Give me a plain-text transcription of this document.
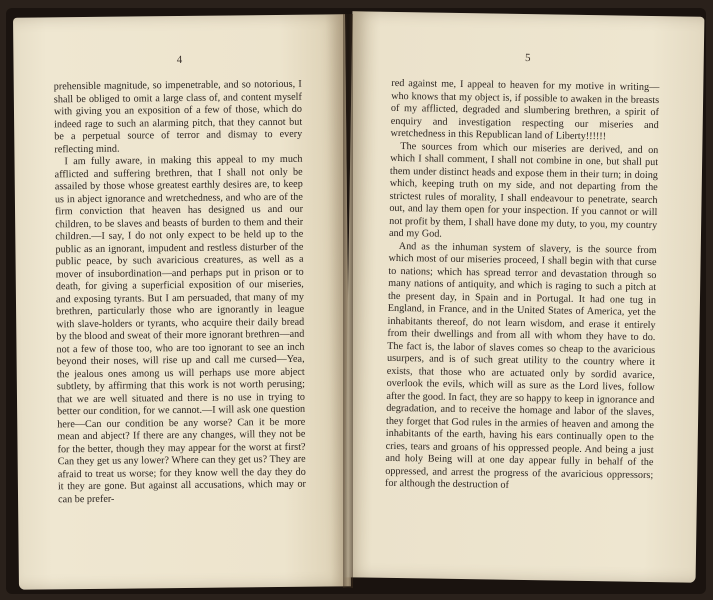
4

prehensible magnitude, so impenetrable, and so notorious, I shall be obliged to omit a large class of, and content myself with giving you an exposition of a few of those, which do indeed rage to such an alarming pitch, that they cannot but be a perpetual source of terror and dismay to every reflecting mind.

I am fully aware, in making this appeal to my much afflicted and suffering brethren, that I shall not only be assailed by those whose greatest earthly desires are, to keep us in abject ignorance and wretchedness, and who are of the firm conviction that heaven has designed us and our children, to be slaves and beasts of burden to them and their children.—I say, I do not only expect to be held up to the public as an ignorant, impudent and restless disturber of the public peace, by such avaricious creatures, as well as a mover of insubordination—and perhaps put in prison or to death, for giving a superficial exposition of our miseries, and exposing tyrants. But I am persuaded, that many of my brethren, particularly those who are ignorantly in league with slave-holders or tyrants, who acquire their daily bread by the blood and sweat of their more ignorant brethren—and not a few of those too, who are too ignorant to see an inch beyond their noses, will rise up and call me cursed—Yea, the jealous ones among us will perhaps use more abject subtlety, by affirming that this work is not worth perusing; that we are well situated and there is no use in trying to better our condition, for we cannot.—I will ask one question here—Can our condition be any worse? Can it be more mean and abject? If there are any changes, will they not be for the better, though they may appear for the worst at first? Can they get us any lower? Where can they get us? They are afraid to treat us worse; for they know well the day they do it they are gone. But against all accusations, which may or can be prefer-

5

red against me, I appeal to heaven for my motive in writing—who knows that my object is, if possible to awaken in the breasts of my afflicted, degraded and slumbering brethren, a spirit of enquiry and investigation respecting our miseries and wretchedness in this Republican land of Liberty!!!!!!

The sources from which our miseries are derived, and on which I shall comment, I shall not combine in one, but shall put them under distinct heads and expose them in their turn; in doing which, keeping truth on my side, and not departing from the strictest rules of morality, I shall endeavour to penetrate, search out, and lay them open for your inspection. If you cannot or will not profit by them, I shall have done my duty, to you, my country and my God.

And as the inhuman system of slavery, is the source from which most of our miseries proceed, I shall begin with that curse to nations; which has spread terror and devastation through so many nations of antiquity, and which is raging to such a pitch at the present day, in Spain and in Portugal. It had one tug in England, in France, and in the United States of America, yet the inhabitants thereof, do not learn wisdom, and erase it entirely from their dwellings and from all with whom they have to do. The fact is, the labor of slaves comes so cheap to the avaricious usurpers, and is of such great utility to the country where it exists, that those who are actuated only by sordid avarice, overlook the evils, which will as sure as the Lord lives, follow after the good. In fact, they are so happy to keep in ignorance and degradation, and to receive the homage and labor of the slaves, they forget that God rules in the armies of heaven and among the inhabitants of the earth, having his ears continually open to the cries, tears and groans of his oppressed people. And being a just and holy Being will at one day appear fully in behalf of the oppressed, and arrest the progress of the avaricious oppressors; for although the destruction of
